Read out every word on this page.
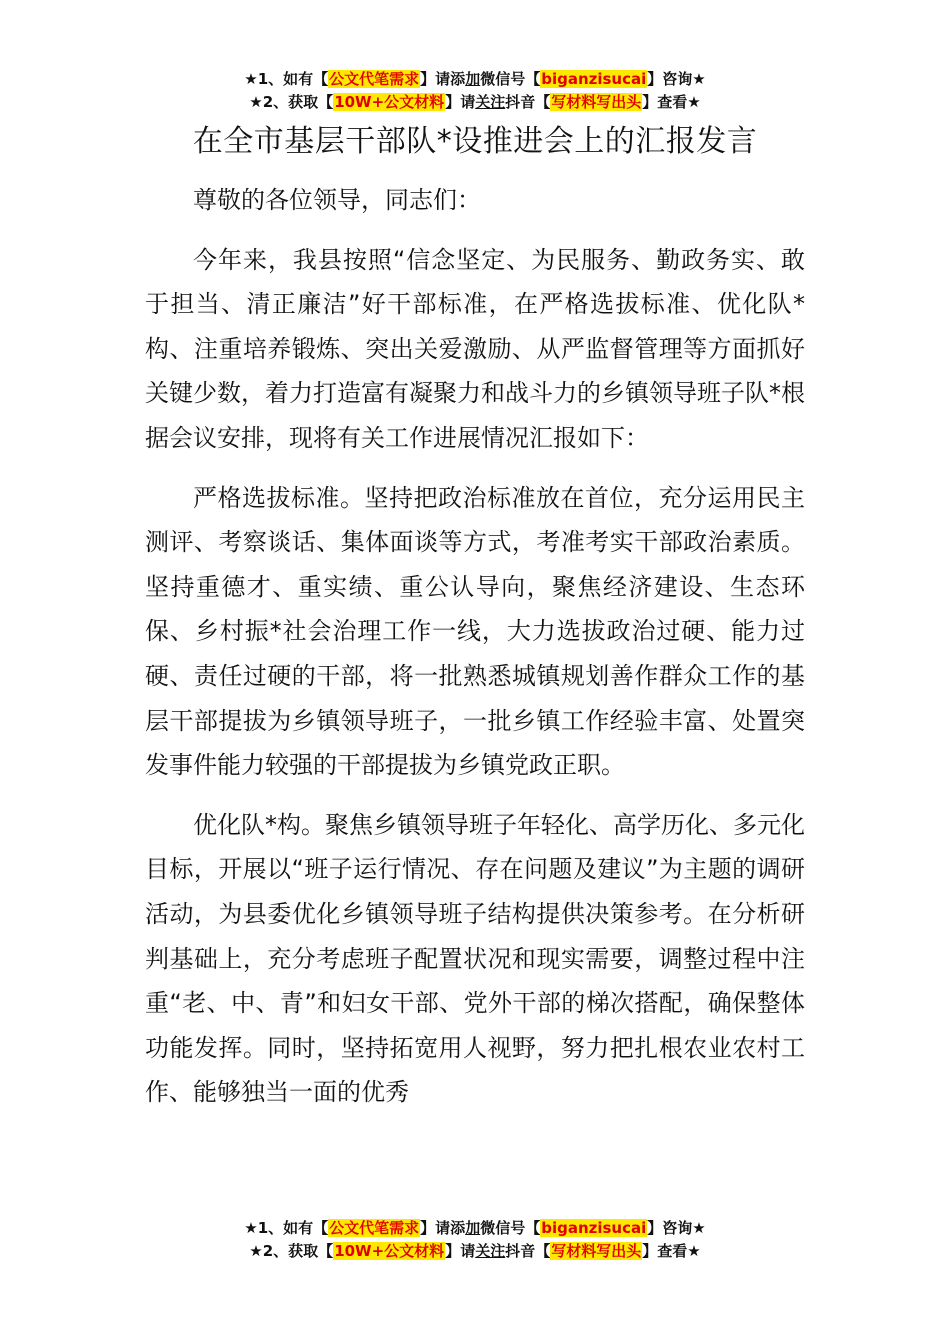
★1、如有【公文代笔需求】请添加微信号【biganzisucai】咨询★
★2、获取【10W+公文材料】请关注抖音【写材料写出头】查看★
在全市基层干部队*设推进会上的汇报发言

尊敬的各位领导，同志们：

今年来，我县按照“信念坚定、为民服务、勤政务实、敢于担当、清正廉洁”好干部标准，在严格选拔标准、优化队*构、注重培养锻炼、突出关爱激励、从严监督管理等方面抓好关键少数，着力打造富有凝聚力和战斗力的乡镇领导班子队*根据会议安排，现将有关工作进展情况汇报如下：

严格选拔标准。坚持把政治标准放在首位，充分运用民主测评、考察谈话、集体面谈等方式，考准考实干部政治素质。坚持重德才、重实绩、重公认导向，聚焦经济建设、生态环保、乡村振*社会治理工作一线，大力选拔政治过硬、能力过硬、责任过硬的干部，将一批熟悉城镇规划善作群众工作的基层干部提拔为乡镇领导班子，一批乡镇工作经验丰富、处置突发事件能力较强的干部提拔为乡镇党政正职。

优化队*构。聚焦乡镇领导班子年轻化、高学历化、多元化目标，开展以“班子运行情况、存在问题及建议”为主题的调研活动，为县委优化乡镇领导班子结构提供决策参考。在分析研判基础上，充分考虑班子配置状况和现实需要，调整过程中注重“老、中、青”和妇女干部、党外干部的梯次搭配，确保整体功能发挥。同时，坚持拓宽用人视野，努力把扎根农业农村工作、能够独当一面的优秀

★1、如有【公文代笔需求】请添加微信号【biganzisucai】咨询★
★2、获取【10W+公文材料】请关注抖音【写材料写出头】查看★
